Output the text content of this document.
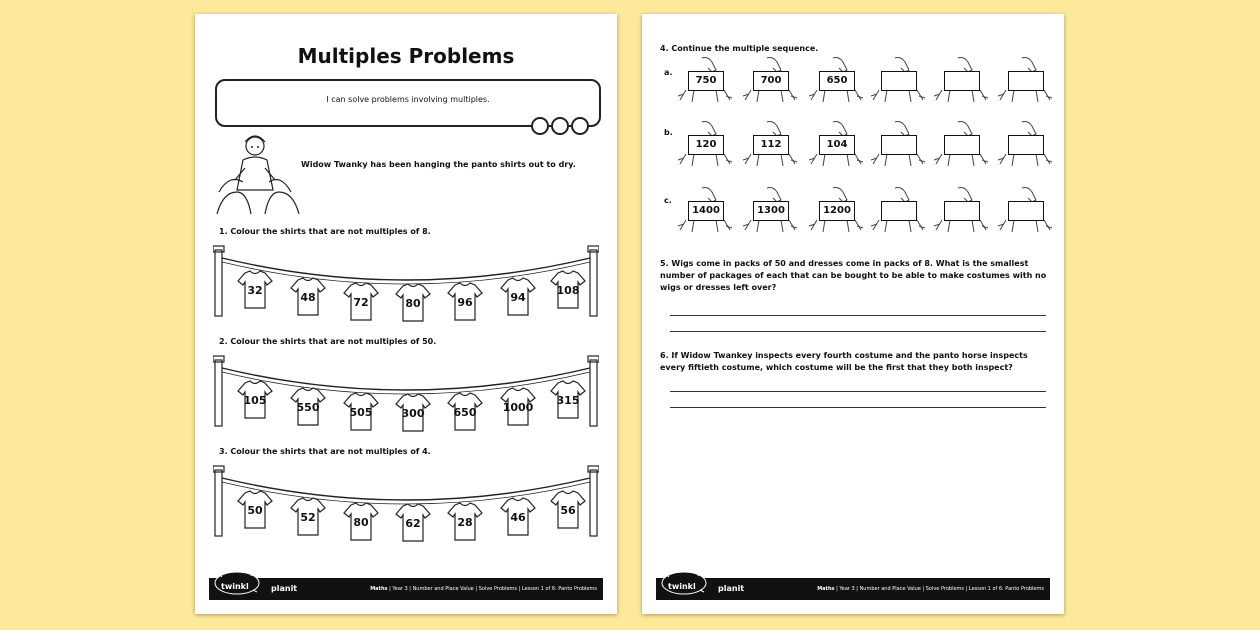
Multiples Problems
I can solve problems involving multiples.
Widow Twanky has been hanging the panto shirts out to dry.
1. Colour the shirts that are not multiples of 8.
2. Colour the shirts that are not multiples of 50.
3. Colour the shirts that are not multiples of 4.
twinkl	planit	Maths | Year 3 | Number and Place Value | Solve Problems | Lesson 1 of 6: Panto Problems
32
48	72	80	96	94
108
105
550	505	300	650	1000
315
50
52	80	62	28	46
56
4. Continue the multiple sequence.
a.
b.
c.
5. Wigs come in packs of 50 and dresses come in packs of 8. What is the smallest number of packages of each that can be bought to be able to make costumes with no wigs or dresses left over?
6. If Widow Twankey inspects every fourth costume and the panto horse inspects every fiftieth costume, which costume will be the first that they both inspect?
twinkl	planit	Maths | Year 3 | Number and Place Value | Solve Problems | Lesson 1 of 6: Panto Problems
750	700	650
120	112	104
1400	1300	1200
